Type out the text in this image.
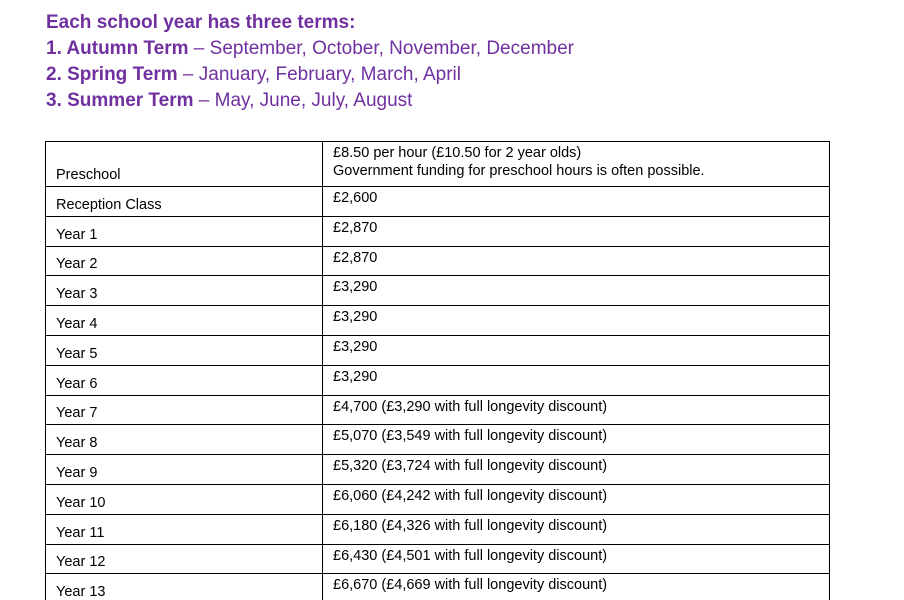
Each school year has three terms:
1. Autumn Term – September, October, November, December
2. Spring Term – January, February, March, April
3. Summer Term – May, June, July, August
Preschool	£8.50 per hour (£10.50 for 2 year olds)
Government funding for preschool hours is often possible.

Reception Class	£2,600
Year 1	£2,870
Year 2	£2,870
Year 3	£3,290
Year 4	£3,290
Year 5	£3,290
Year 6	£3,290
Year 7	£4,700 (£3,290 with full longevity discount)
Year 8	£5,070 (£3,549 with full longevity discount)
Year 9	£5,320 (£3,724 with full longevity discount)
Year 10	£6,060 (£4,242 with full longevity discount)
Year 11	£6,180 (£4,326 with full longevity discount)
Year 12	£6,430 (£4,501 with full longevity discount)
Year 13	£6,670 (£4,669 with full longevity discount)
